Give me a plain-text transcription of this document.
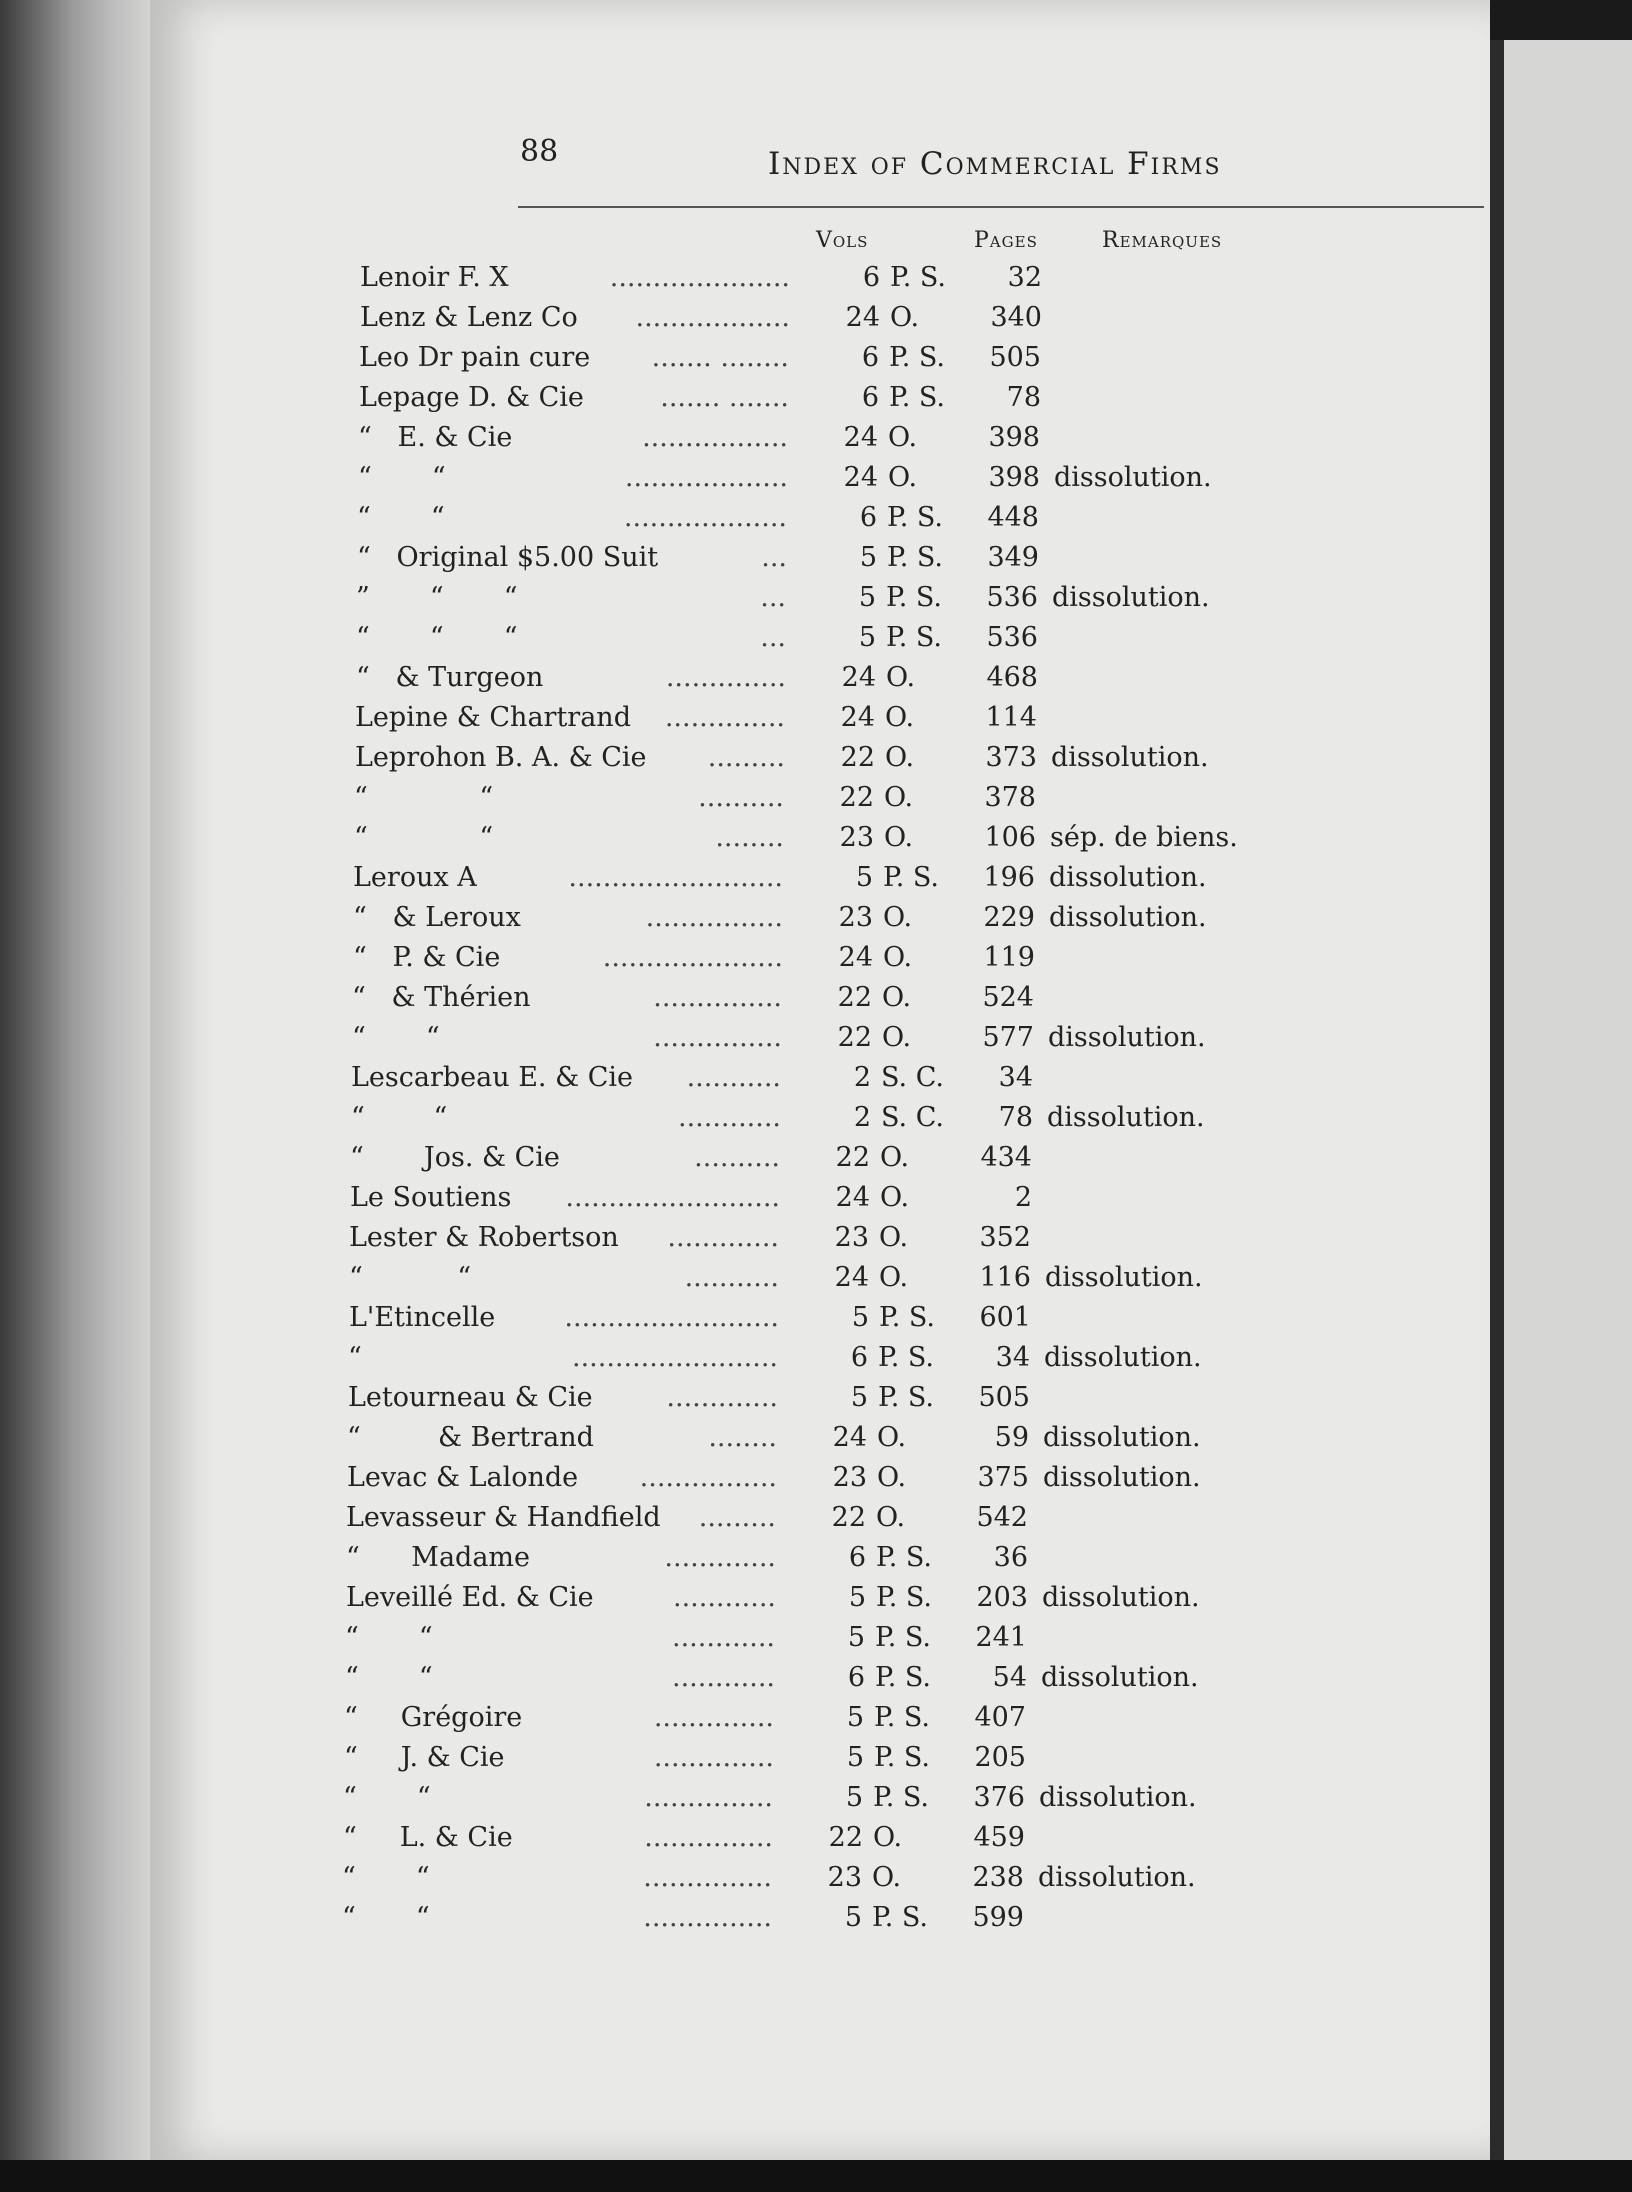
88	Index of Commercial Firms
Vols	Pages	Remarques
Lenoir F. X	.....................	6 P. S.	32
Lenz & Lenz Co	..................	24 O.	340
Leo Dr pain cure	....... ........	6 P. S.	505
Lepage D. & Cie	....... .......	6 P. S.	78
“   E. & Cie	.................	24 O.	398
“       “	...................	24 O.	398 dissolution.
“       “	...................	6 P. S.	448
“   Original $5.00 Suit	...	5 P. S.	349
”       “       “	...	5 P. S.	536 dissolution.
“       “       “	...	5 P. S.	536
“   & Turgeon	..............	24 O.	468
Lepine & Chartrand	..............	24 O.	114
Leprohon B. A. & Cie	.........	22 O.	373 dissolution.
“             “	..........	22 O.	378
“             “	........	23 O.	106 sép. de biens.
Leroux A	.........................	5 P. S.	196 dissolution.
“   & Leroux	................	23 O.	229 dissolution.
“   P. & Cie	.....................	24 O.	119
“   & Thérien	...............	22 O.	524
“       “	...............	22 O.	577 dissolution.
Lescarbeau E. & Cie	...........	2 S. C.	34
“        “	............	2 S. C.	78 dissolution.
“       Jos. & Cie	..........	22 O.	434
Le Soutiens	.........................	24 O.	2
Lester & Robertson	.............	23 O.	352
“           “	...........	24 O.	116 dissolution.
L'Etincelle	.........................	5 P. S.	601
“	........................	6 P. S.	34 dissolution.
Letourneau & Cie	.............	5 P. S.	505
“         & Bertrand	........	24 O.	59 dissolution.
Levac & Lalonde	................	23 O.	375 dissolution.
Levasseur & Handfield	.........	22 O.	542
“      Madame	.............	6 P. S.	36
Leveillé Ed. & Cie	............	5 P. S.	203 dissolution.
“       “	............	5 P. S.	241
“       “	............	6 P. S.	54 dissolution.
“     Grégoire	..............	5 P. S.	407
“     J. & Cie	..............	5 P. S.	205
“       “	...............	5 P. S.	376 dissolution.
“     L. & Cie	...............	22 O.	459
“       “	...............	23 O.	238 dissolution.
“       “	...............	5 P. S.	599
